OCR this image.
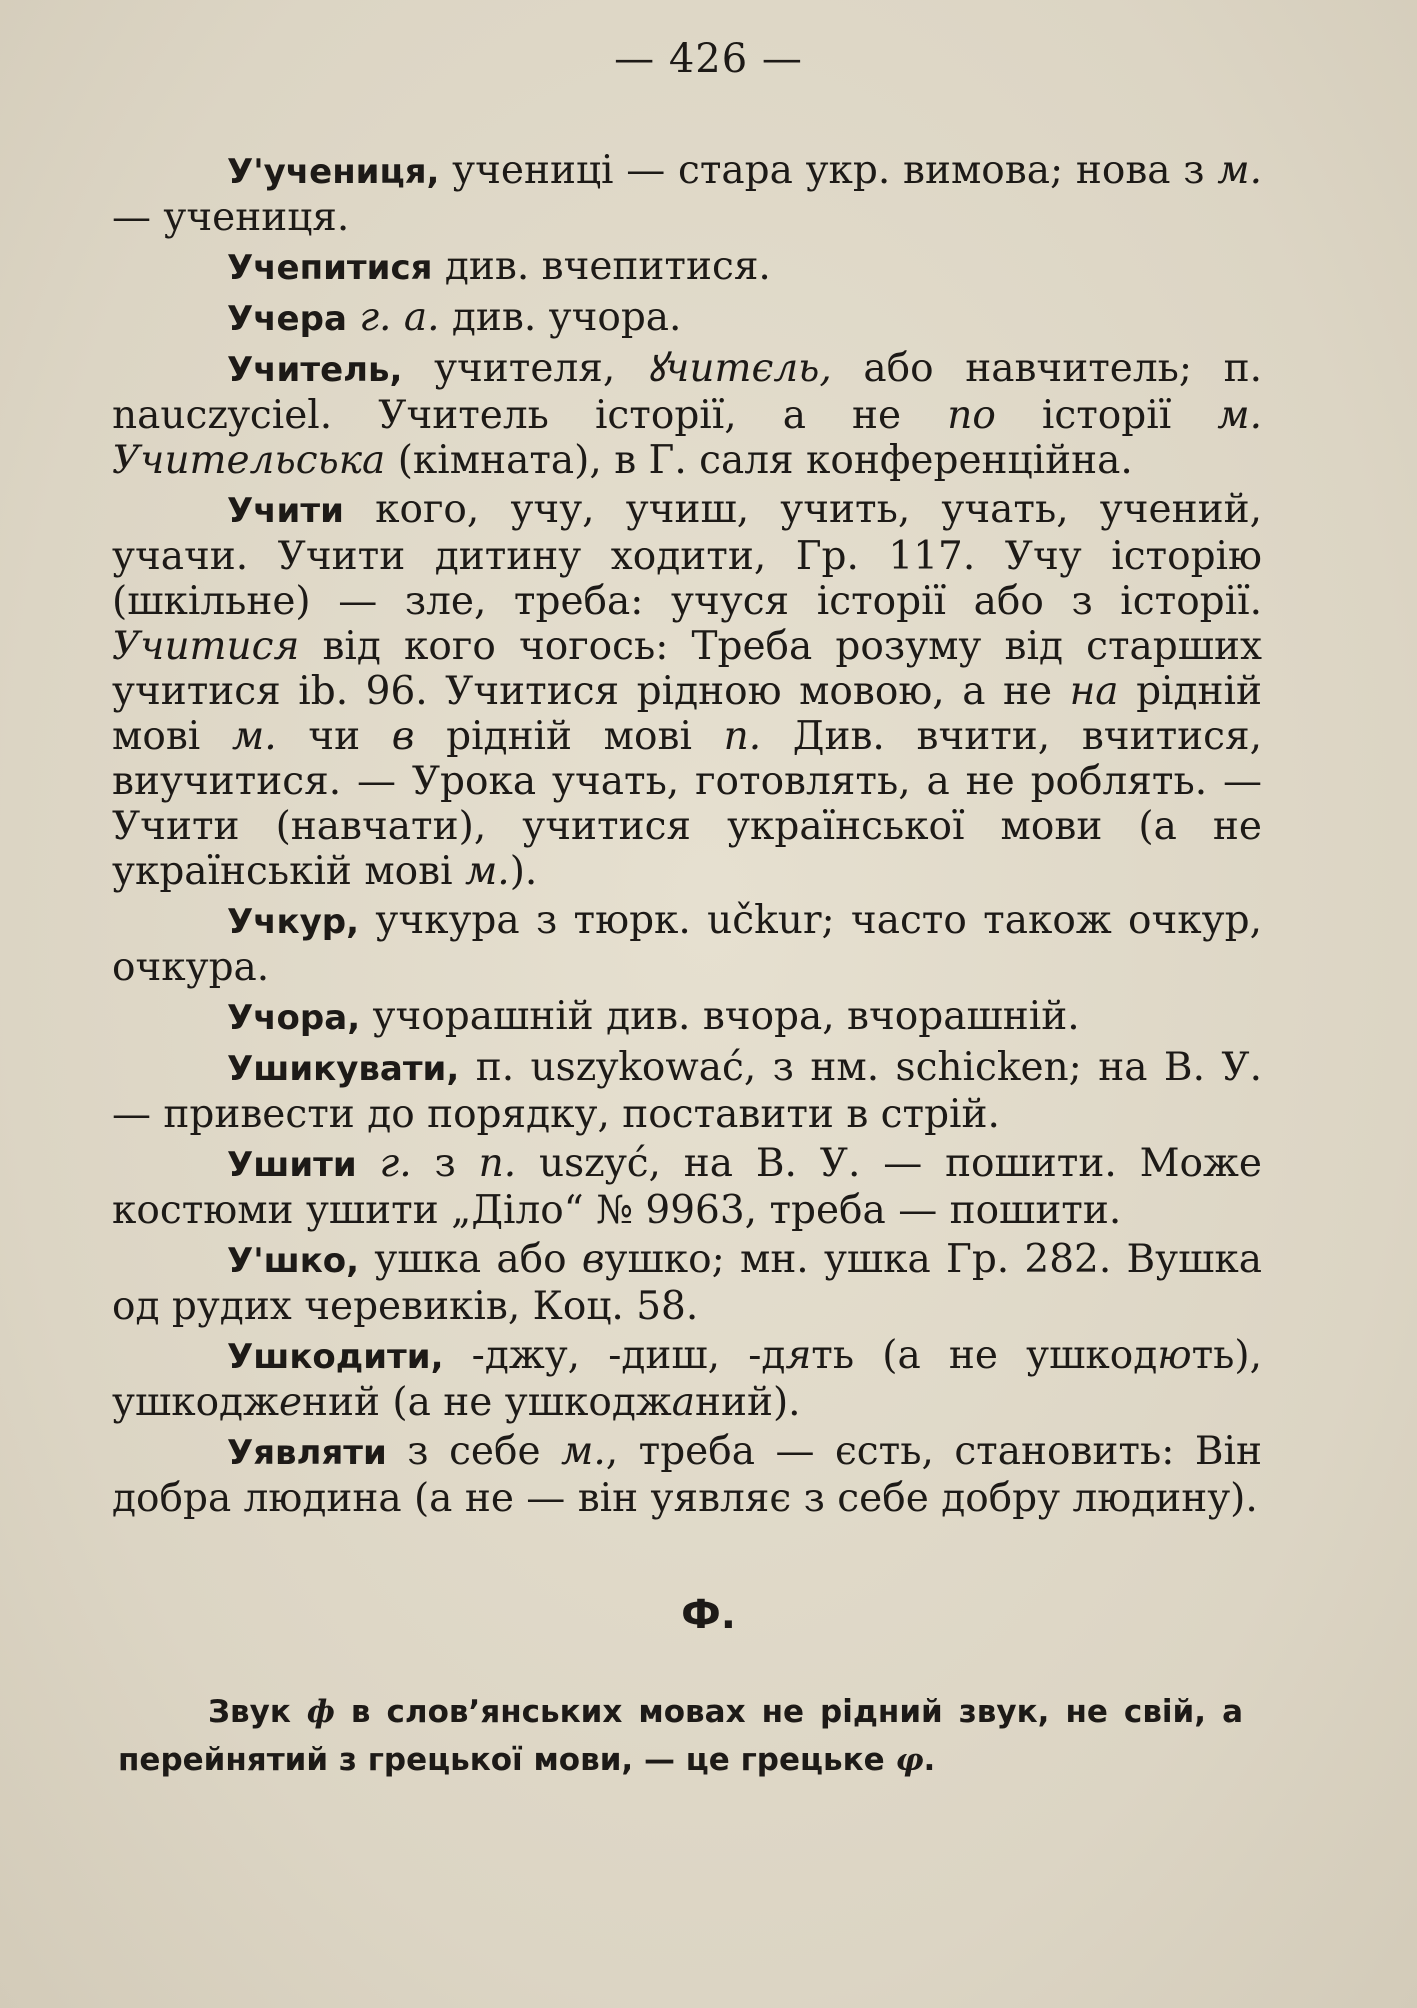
— 426 —

У'учениця, ученицi — стара укр. вимова; нова з м. — учениця.

Учепитися див. вчепитися.

Учера г. а. див. учора.

Учитель, учителя, ꙋчитєль, або навчитель; п. nauczyciel. Учитель історії, а не по історії м. Учительська (кімната), в Г. саля конференційна.

Учити кого, учу, учиш, учить, учать, учений, учачи. Учити дитину ходити, Гр. 117. Учу історію (шкільне) — зле, треба: учуся історії або з історії. Учитися від кого чогось: Треба розуму від старших учитися ib. 96. Учитися рідною мовою, а не на рідній мові м. чи в рідній мові п. Див. вчити, вчитися, виучитися. — Урока учать, готовлять, а не роблять. — Учити (навчати), учитися української мови (а не українській мові м.).

Учкур, учкура з тюрк. učkur; часто також очкур, очкура.

Учора, учорашній див. вчора, вчорашній.

Ушикувати, п. uszykować, з нм. schicken; на В. У. — привести до порядку, поставити в стрій.

Ушити г. з п. uszyć, на В. У. — пошити. Може костюми ушити „Діло“ № 9963, треба — пошити.

У'шко, ушка або вушко; мн. ушка Гр. 282. Вушка од рудих черевиків, Коц. 58.

Ушкодити, -джу, -диш, -дять (а не ушкодють), ушкоджений (а не ушкоджаний).

Уявляти з себе м., треба — єсть, становить: Він добра людина (а не — він уявляє з себе добру людину).

Ф.

Звук ф в слов’янських мовах не рідний звук, не свій, а перейнятий з грецької мови, — це грецьке φ.
